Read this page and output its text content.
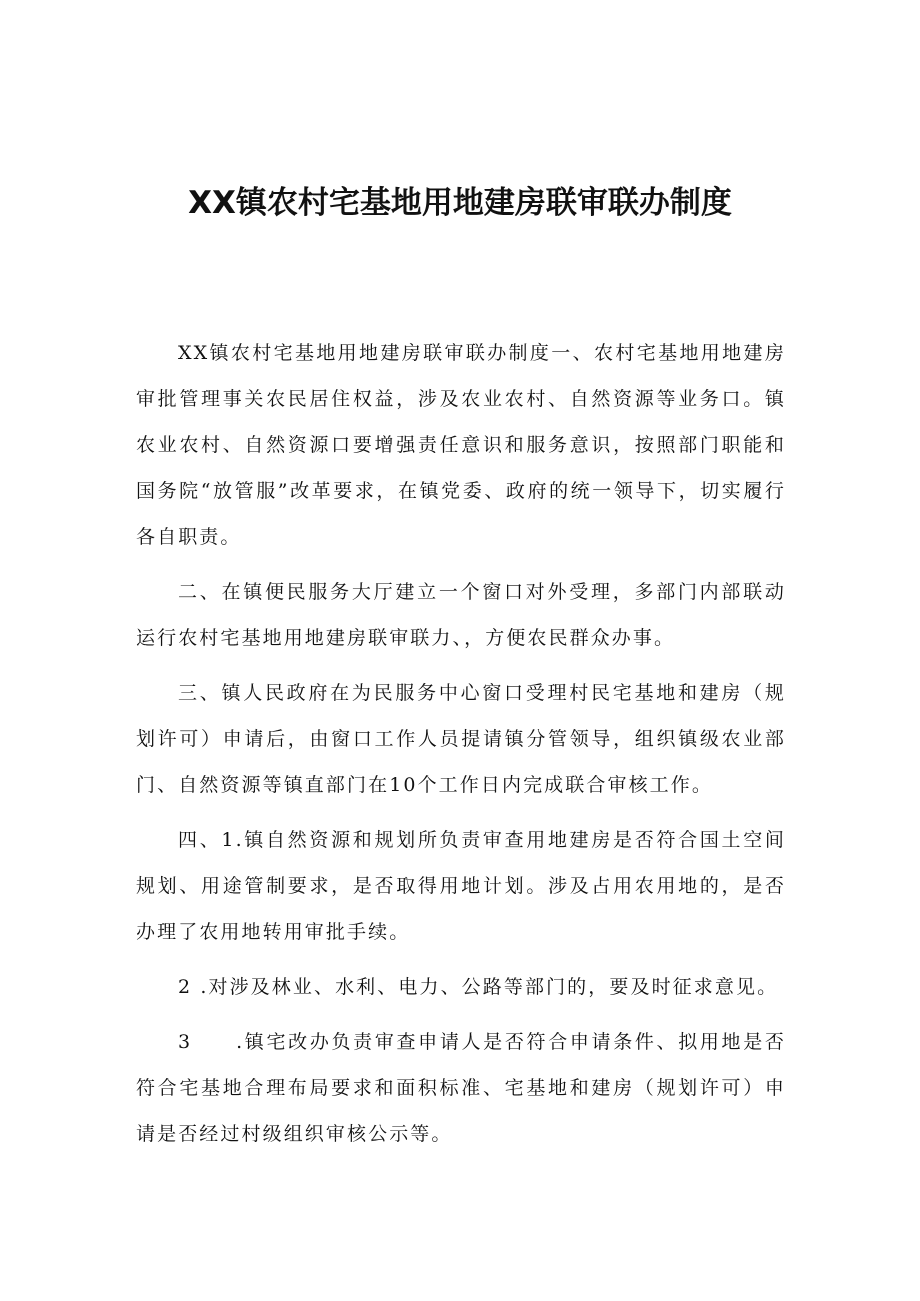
XX镇农村宅基地用地建房联审联办制度

XX镇农村宅基地用地建房联审联办制度一、农村宅基地用地建房审批管理事关农民居住权益，涉及农业农村、自然资源等业务口。镇农业农村、自然资源口要增强责任意识和服务意识，按照部门职能和国务院“放管服”改革要求，在镇党委、政府的统一领导下，切实履行各自职责。

二、在镇便民服务大厅建立一个窗口对外受理，多部门内部联动运行农村宅基地用地建房联审联力、，方便农民群众办事。

三、镇人民政府在为民服务中心窗口受理村民宅基地和建房（规划许可）申请后，由窗口工作人员提请镇分管领导，组织镇级农业部门、自然资源等镇直部门在10个工作日内完成联合审核工作。

四、1.镇自然资源和规划所负责审查用地建房是否符合国土空间规划、用途管制要求，是否取得用地计划。涉及占用农用地的，是否办理了农用地转用审批手续。

2 .对涉及林业、水利、电力、公路等部门的，要及时征求意见。

3　　.镇宅改办负责审查申请人是否符合申请条件、拟用地是否符合宅基地合理布局要求和面积标准、宅基地和建房（规划许可）申请是否经过村级组织审核公示等。
